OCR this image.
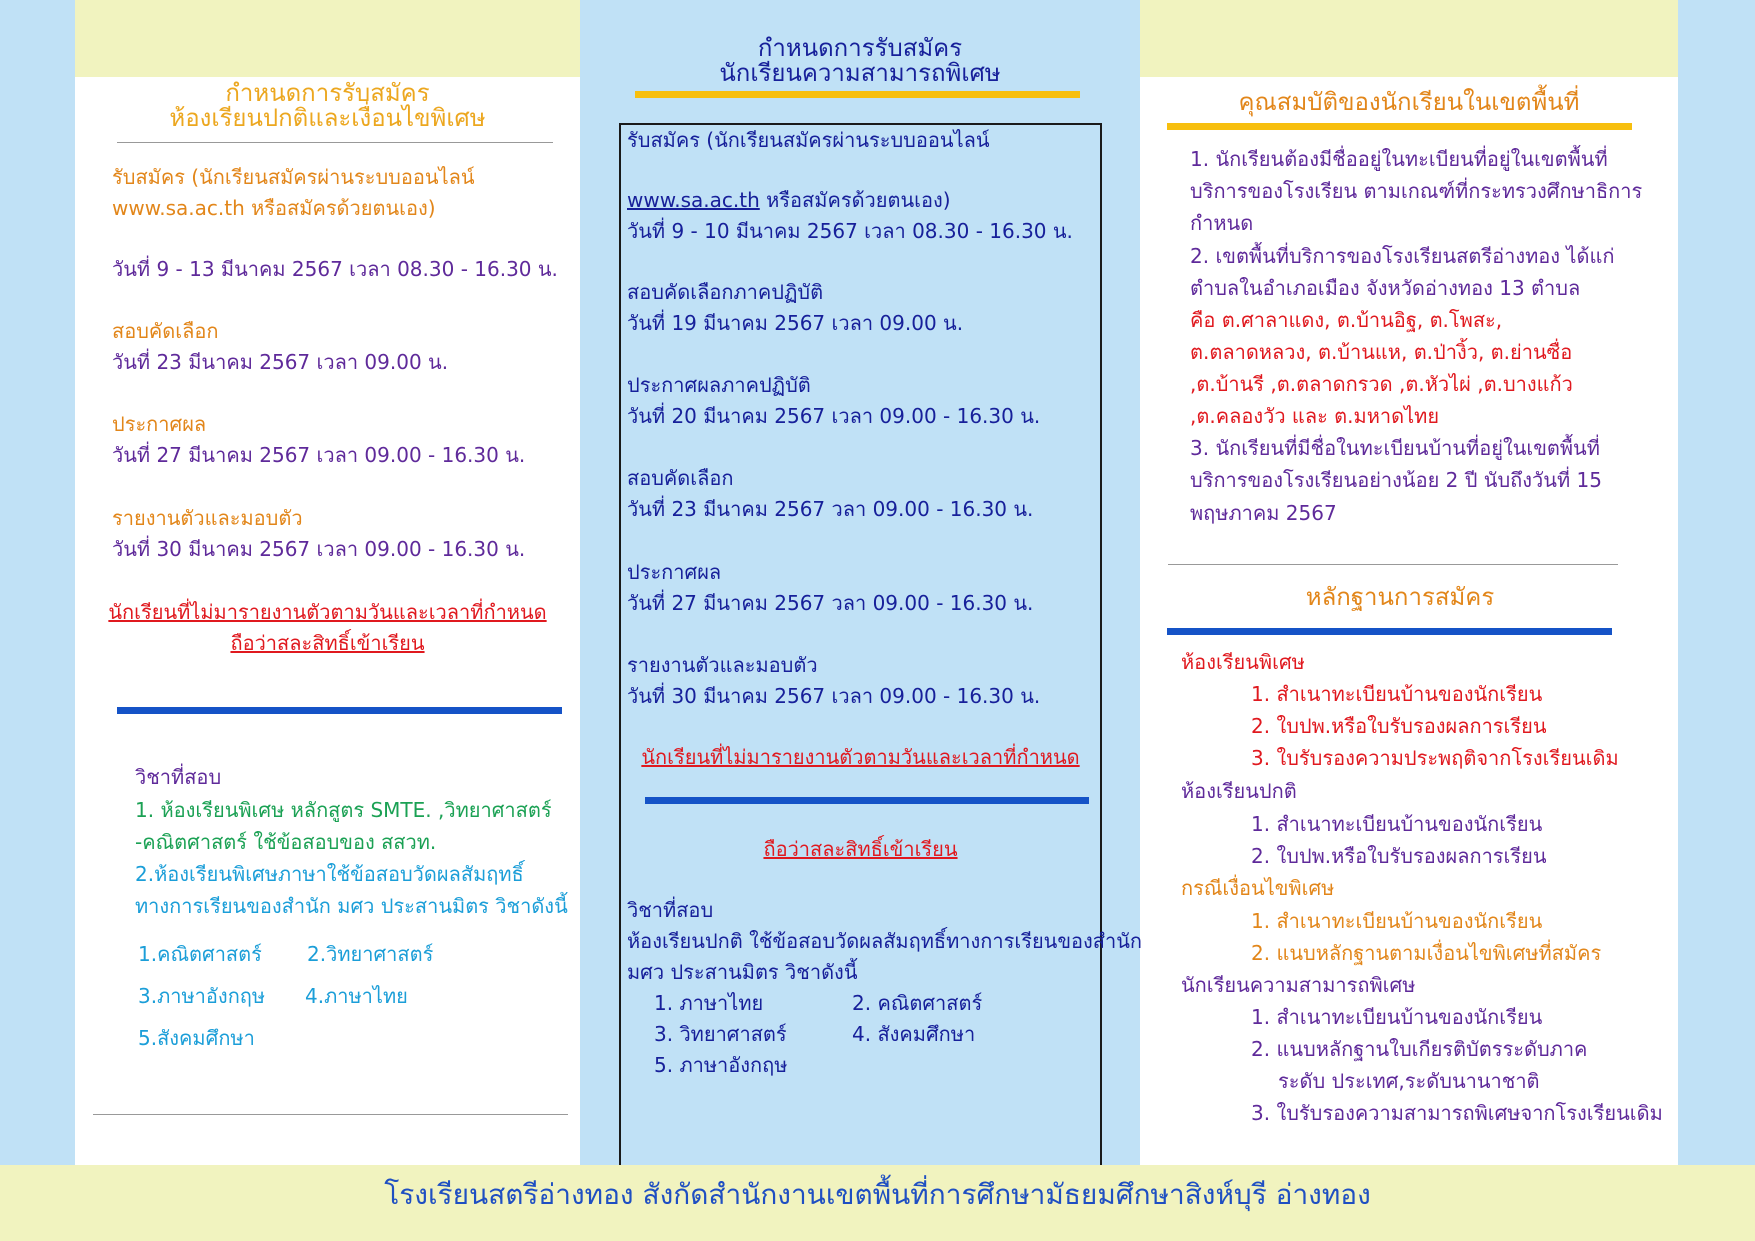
กำหนดการรับสมัคร
ห้องเรียนปกติและเงื่อนไขพิเศษ
รับสมัคร (นักเรียนสมัครผ่านระบบออนไลน์
www.sa.ac.th หรือสมัครด้วยตนเอง)
วันที่ 9 - 13 มีนาคม 2567 เวลา 08.30 - 16.30 น.
สอบคัดเลือก
วันที่ 23 มีนาคม 2567 เวลา 09.00 น.
ประกาศผล
วันที่ 27 มีนาคม 2567 เวลา 09.00 - 16.30 น.
รายงานตัวและมอบตัว
วันที่ 30 มีนาคม 2567 เวลา 09.00 - 16.30 น.
นักเรียนที่ไม่มารายงานตัวตามวันและเวลาที่กำหนด
ถือว่าสละสิทธิ์เข้าเรียน
วิชาที่สอบ
1. ห้องเรียนพิเศษ หลักสูตร SMTE. ,วิทยาศาสตร์
-คณิตศาสตร์ ใช้ข้อสอบของ สสวท.
2.ห้องเรียนพิเศษภาษาใช้ข้อสอบวัดผลสัมฤทธิ์
ทางการเรียนของสำนัก มศว ประสานมิตร วิชาดังนี้
1.คณิตศาสตร์ 2.วิทยาศาสตร์
3.ภาษาอังกฤษ 4.ภาษาไทย
5.สังคมศึกษา
กำหนดการรับสมัคร
นักเรียนความสามารถพิเศษ
รับสมัคร (นักเรียนสมัครผ่านระบบออนไลน์
www.sa.ac.th หรือสมัครด้วยตนเอง)
วันที่ 9 - 10 มีนาคม 2567 เวลา 08.30 - 16.30 น.
สอบคัดเลือกภาคปฏิบัติ
วันที่ 19 มีนาคม 2567 เวลา 09.00 น.
ประกาศผลภาคปฏิบัติ
วันที่ 20 มีนาคม 2567 เวลา 09.00 - 16.30 น.
สอบคัดเลือก
วันที่ 23 มีนาคม 2567 วลา 09.00 - 16.30 น.
ประกาศผล
วันที่ 27 มีนาคม 2567 วลา 09.00 - 16.30 น.
รายงานตัวและมอบตัว
วันที่ 30 มีนาคม 2567 เวลา 09.00 - 16.30 น.
นักเรียนที่ไม่มารายงานตัวตามวันและเวลาที่กำหนด
ถือว่าสละสิทธิ์เข้าเรียน
วิชาที่สอบ
ห้องเรียนปกติ ใช้ข้อสอบวัดผลสัมฤทธิ์ทางการเรียนของสำนัก
มศว ประสานมิตร วิชาดังนี้
1. ภาษาไทย	2. คณิตศาสตร์
3. วิทยาศาสตร์	4. สังคมศึกษา
5. ภาษาอังกฤษ
คุณสมบัติของนักเรียนในเขตพื้นที่
1. นักเรียนต้องมีชื่ออยู่ในทะเบียนที่อยู่ในเขตพื้นที่
บริการของโรงเรียน ตามเกณฑ์ที่กระทรวงศึกษาธิการ
กำหนด
2. เขตพื้นที่บริการของโรงเรียนสตรีอ่างทอง ได้แก่
ตำบลในอำเภอเมือง จังหวัดอ่างทอง 13 ตำบล
คือ ต.ศาลาแดง, ต.บ้านอิฐ, ต.โพสะ,
ต.ตลาดหลวง, ต.บ้านแห, ต.ป่างิ้ว, ต.ย่านซื่อ
,ต.บ้านรี ,ต.ตลาดกรวด ,ต.หัวไผ่ ,ต.บางแก้ว
,ต.คลองวัว และ ต.มหาดไทย
3. นักเรียนที่มีชื่อในทะเบียนบ้านที่อยู่ในเขตพื้นที่
บริการของโรงเรียนอย่างน้อย 2 ปี นับถึงวันที่ 15
พฤษภาคม 2567
หลักฐานการสมัคร
ห้องเรียนพิเศษ
1. สำเนาทะเบียนบ้านของนักเรียน
2. ใบปพ.หรือใบรับรองผลการเรียน
3. ใบรับรองความประพฤติจากโรงเรียนเดิม
ห้องเรียนปกติ
1. สำเนาทะเบียนบ้านของนักเรียน
2. ใบปพ.หรือใบรับรองผลการเรียน
กรณีเงื่อนไขพิเศษ
1. สำเนาทะเบียนบ้านของนักเรียน
2. แนบหลักฐานตามเงื่อนไขพิเศษที่สมัคร
นักเรียนความสามารถพิเศษ
1. สำเนาทะเบียนบ้านของนักเรียน
2. แนบหลักฐานใบเกียรติบัตรระดับภาค
ระดับ ประเทศ,ระดับนานาชาติ
3. ใบรับรองความสามารถพิเศษจากโรงเรียนเดิม
โรงเรียนสตรีอ่างทอง สังกัดสำนักงานเขตพื้นที่การศึกษามัธยมศึกษาสิงห์บุรี อ่างทอง
